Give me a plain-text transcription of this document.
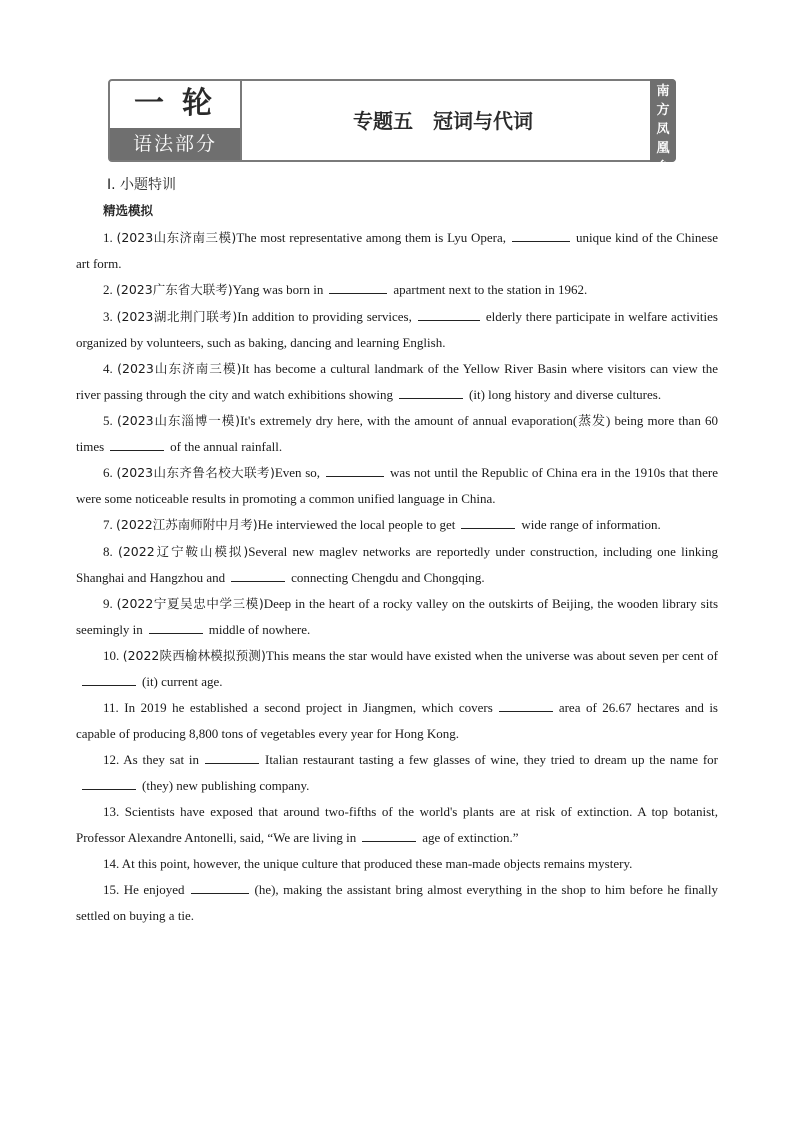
一轮
语法部分
专题五　冠词与代词
南
方
凤
凰
台
Ⅰ. 小题特训
精选模拟

1. (2023山东济南三模)The most representative among them is Lyu Opera,	unique kind of the Chinese art form.

2. (2023广东省大联考)Yang was born in	apartment next to the station in 1962.

3. (2023湖北荆门联考)In addition to providing services,	elderly there participate in welfare activities organized by volunteers, such as baking, dancing and learning English.

4. (2023山东济南三模)It has become a cultural landmark of the Yellow River Basin where visitors can view the river passing through the city and watch exhibitions showing	(it) long history and diverse cultures.

5. (2023山东淄博一模)It's extremely dry here, with the amount of annual evaporation(蒸发) being more than 60 times	of the annual rainfall.

6. (2023山东齐鲁名校大联考)Even so,	was not until the Republic of China era in the 1910s that there were some noticeable results in promoting a common unified language in China.

7. (2022江苏南师附中月考)He interviewed the local people to get	wide range of information.

8. (2022辽宁鞍山模拟)Several new maglev networks are reportedly under construction, including one linking Shanghai and Hangzhou and	connecting Chengdu and Chongqing.

9. (2022宁夏吴忠中学三模)Deep in the heart of a rocky valley on the outskirts of Beijing, the wooden library sits seemingly in	middle of nowhere.

10. (2022陕西榆林模拟预测)This means the star would have existed when the universe was about seven per cent of(it) current age.

11. In 2019 he established a second project in Jiangmen, which covers	area of 26.67 hectares and is capable of producing 8,800 tons of vegetables every year for Hong Kong.

12. As they sat in	Italian restaurant tasting a few glasses of wine, they tried to dream up the name for(they) new publishing company.

13. Scientists have exposed that around two-fifths of the world's plants are at risk of extinction. A top botanist, Professor Alexandre Antonelli, said, “We are living in	age of extinction.”

14. At this point, however, the unique culture that produced these man-made objects remains mystery.

15. He enjoyed	(he), making the assistant bring almost everything in the shop to him before he finally settled on buying a tie.
